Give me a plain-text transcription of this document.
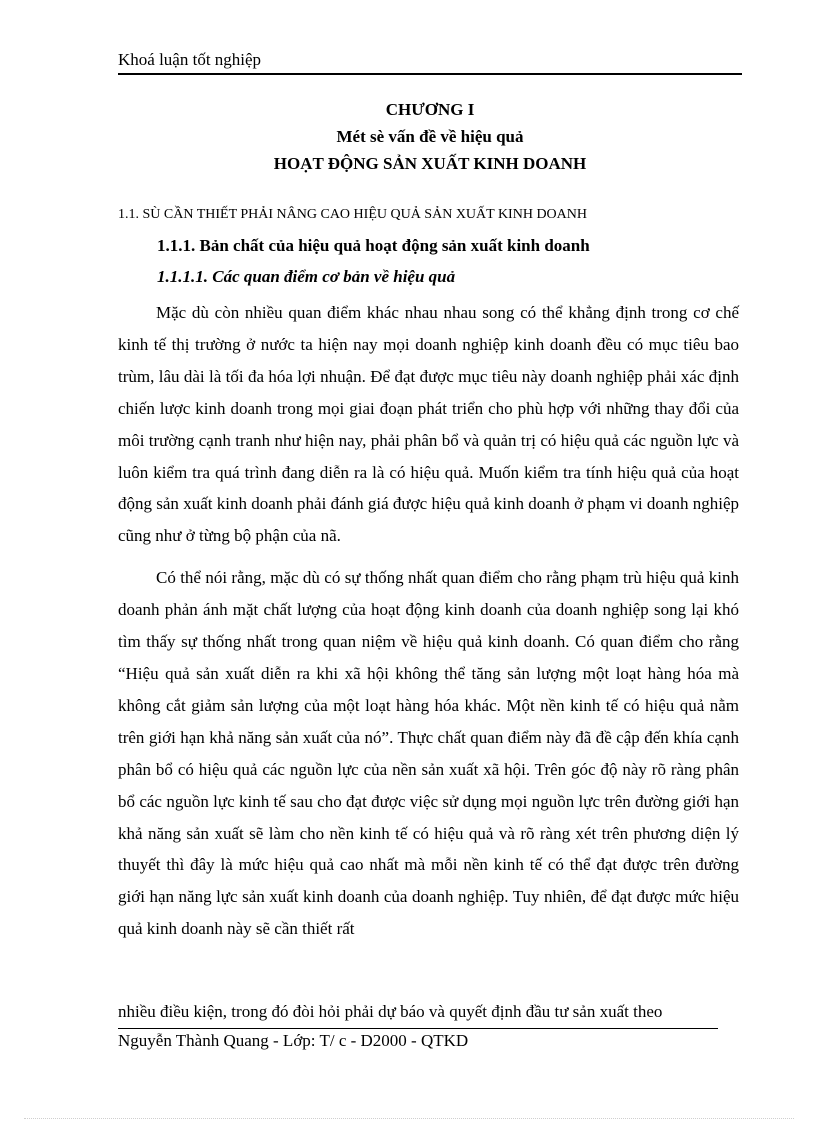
Khoá luận tốt nghiệp
CHƯƠNG I
Mét sè vấn đề về hiệu quả
HOẠT ĐỘNG SẢN XUẤT KINH DOANH
1.1. SÙ CẦN THIẾT PHẢI NÂNG CAO HIỆU QUẢ SẢN XUẤT KINH DOANH
1.1.1. Bản chất của hiệu quả hoạt động sản xuất kinh doanh
1.1.1.1. Các quan điểm cơ bản về hiệu quả

Mặc dù còn nhiều quan điểm khác nhau nhau song có thể khẳng định trong cơ chế kinh tế thị trường ở nước ta hiện nay mọi doanh nghiệp kinh doanh đều có mục tiêu bao trùm, lâu dài là tối đa hóa lợi nhuận. Để đạt được mục tiêu này doanh nghiệp phải xác định chiến lược kinh doanh trong mọi giai đoạn phát triển cho phù hợp với những thay đổi của môi trường cạnh tranh như hiện nay, phải phân bổ và quản trị có hiệu quả các nguồn lực và luôn kiểm tra quá trình đang diễn ra là có hiệu quả. Muốn kiểm tra tính hiệu quả của hoạt động sản xuất kinh doanh phải đánh giá được hiệu quả kinh doanh ở phạm vi doanh nghiệp cũng như ở từng bộ phận của nã.

Có thể nói rằng, mặc dù có sự thống nhất quan điểm cho rằng phạm trù hiệu quả kinh doanh phản ánh mặt chất lượng của hoạt động kinh doanh của doanh nghiệp song lại khó tìm thấy sự thống nhất trong quan niệm về hiệu quả kinh doanh. Có quan điểm cho rằng “Hiệu quả sản xuất diễn ra khi xã hội không thể tăng sản lượng một loạt hàng hóa mà không cắt giảm sản lượng của một loạt hàng hóa khác. Một nền kinh tế có hiệu quả nằm trên giới hạn khả năng sản xuất của nó”. Thực chất quan điểm này đã đề cập đến khía cạnh phân bổ có hiệu quả các nguồn lực của nền sản xuất xã hội. Trên góc độ này rõ ràng phân bổ các nguồn lực kinh tế sau cho đạt được việc sử dụng mọi nguồn lực trên đường giới hạn khả năng sản xuất sẽ làm cho nền kinh tế có hiệu quả và rõ ràng xét trên phương diện lý thuyết thì đây là mức hiệu quả cao nhất mà mỗi nền kinh tế có thể đạt được trên đường giới hạn năng lực sản xuất kinh doanh của doanh nghiệp. Tuy nhiên, để đạt được mức hiệu quả kinh doanh này sẽ cần thiết rất

nhiều điều kiện, trong đó đòi hỏi phải dự báo và quyết định đầu tư sản xuất theo
Nguyễn Thành Quang - Lớp: T/ c - D2000 - QTKD
